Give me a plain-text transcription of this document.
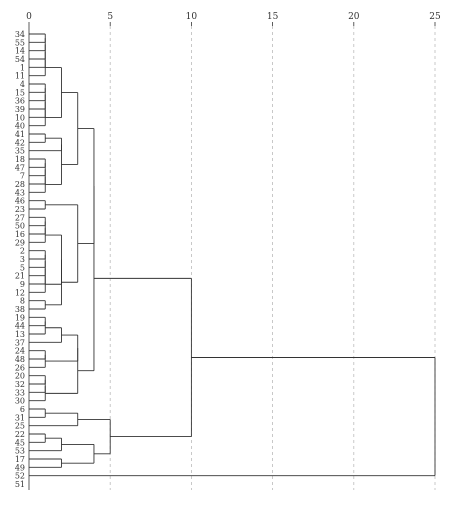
0	5	10	15	20	25
34
55
14
54
1
11
4
15
36
39
10
40
41
42
35
18
47
7
28
43
46
23
27
50
16
29
2
3
5
21
9
12
8
38
19
44
13
37
24
48
26
20
32
33
30
6
31
25
22
45
53
17
49
52
51
